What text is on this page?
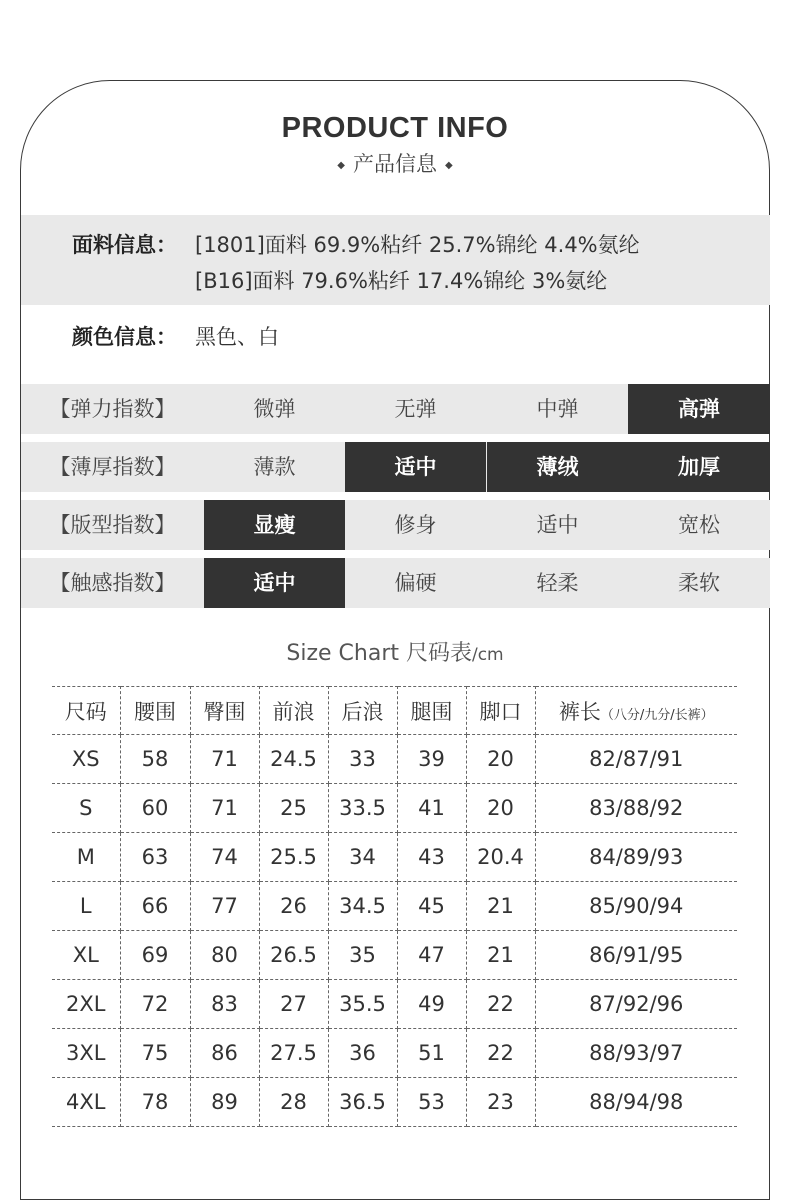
PRODUCT INFO
◆ 产品信息 ◆
面料信息： [1801]面料 69.9%粘纤 25.7%锦纶 4.4%氨纶
[B16]面料 79.6%粘纤 17.4%锦纶 3%氨纶
颜色信息： 黑色、白
【弹力指数】	微弹	无弹	中弹	高弹
【薄厚指数】	薄款	适中	薄绒	加厚
【版型指数】	显瘦	修身	适中	宽松
【触感指数】	适中	偏硬	轻柔	柔软
Size Chart 尺码表/cm
尺码	腰围	臀围	前浪	后浪	腿围	脚口	裤长（八分/九分/长裤）
XS	58	71	24.5	33	39	20	82/87/91
S	60	71	25	33.5	41	20	83/88/92
M	63	74	25.5	34	43	20.4	84/89/93
L	66	77	26	34.5	45	21	85/90/94
XL	69	80	26.5	35	47	21	86/91/95
2XL	72	83	27	35.5	49	22	87/92/96
3XL	75	86	27.5	36	51	22	88/93/97
4XL	78	89	28	36.5	53	23	88/94/98
